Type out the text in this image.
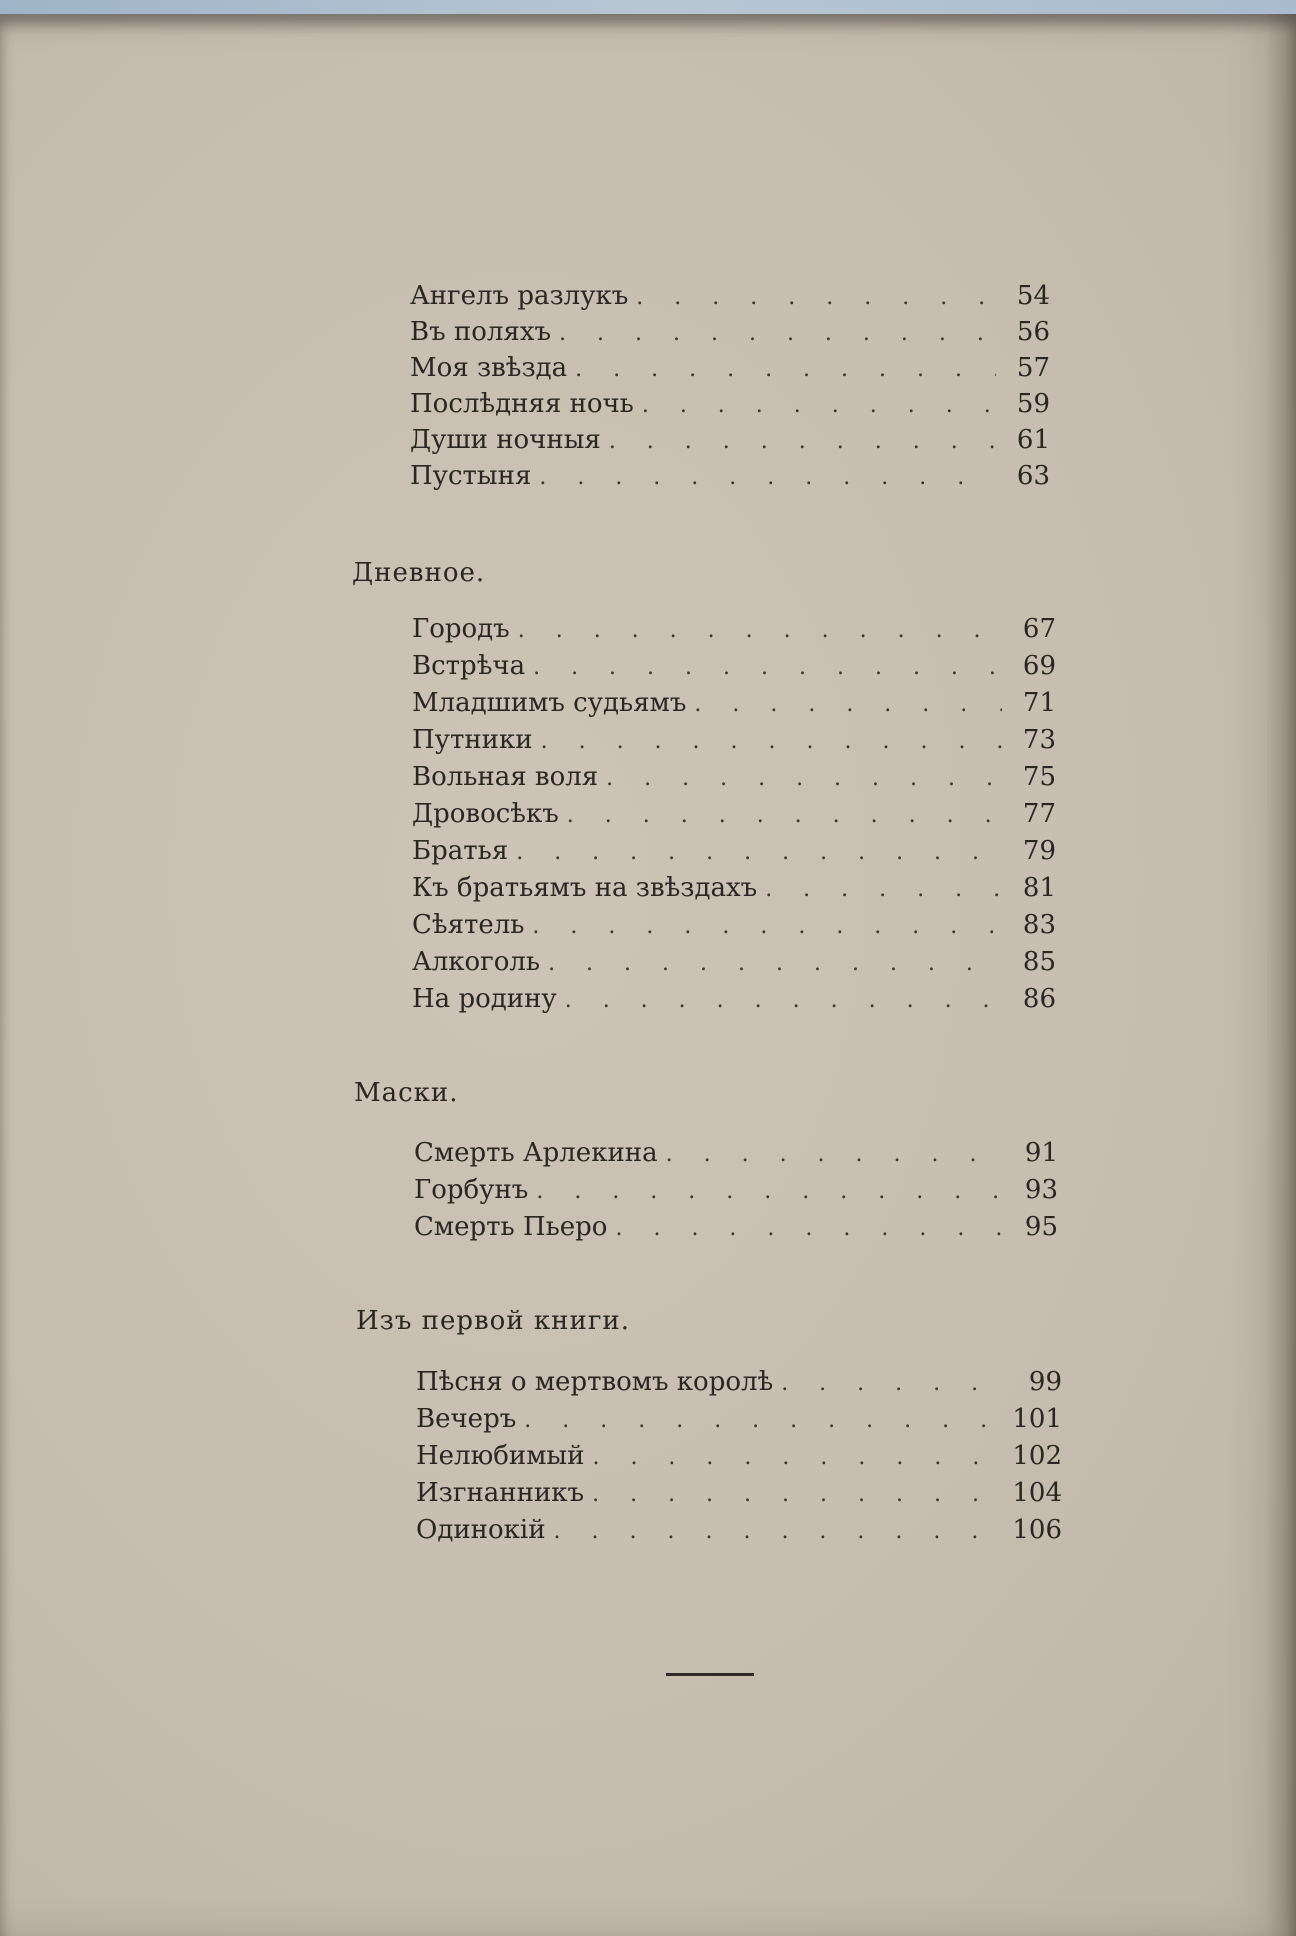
Ангелъ разлукъ . . .	54
Въ поляхъ . . .	56
Моя звѣзда . . .	57
Послѣдняя ночь . . .	59
Души ночныя . . .	61
Пустыня . . .	63
Дневное.
Городъ . . .	67
Встрѣча . . .	69
Младшимъ судьямъ . . .	71
Путники . . .	73
Вольная воля . . .	75
Дровосѣкъ . . .	77
Братья . . .	79
Къ братьямъ на звѣздахъ . . .	81
Сѣятель . . .	83
Алкоголь . . .	85
На родину . . .	86
Маски.
Смерть Арлекина . . .	91
Горбунъ . . .	93
Смерть Пьеро . . .	95
Изъ первой книги.
Пѣсня о мертвомъ королѣ . . .	99
Вечеръ . . .	101
Нелюбимый . . .	102
Изгнанникъ . . .	104
Одинокій . . .	106
